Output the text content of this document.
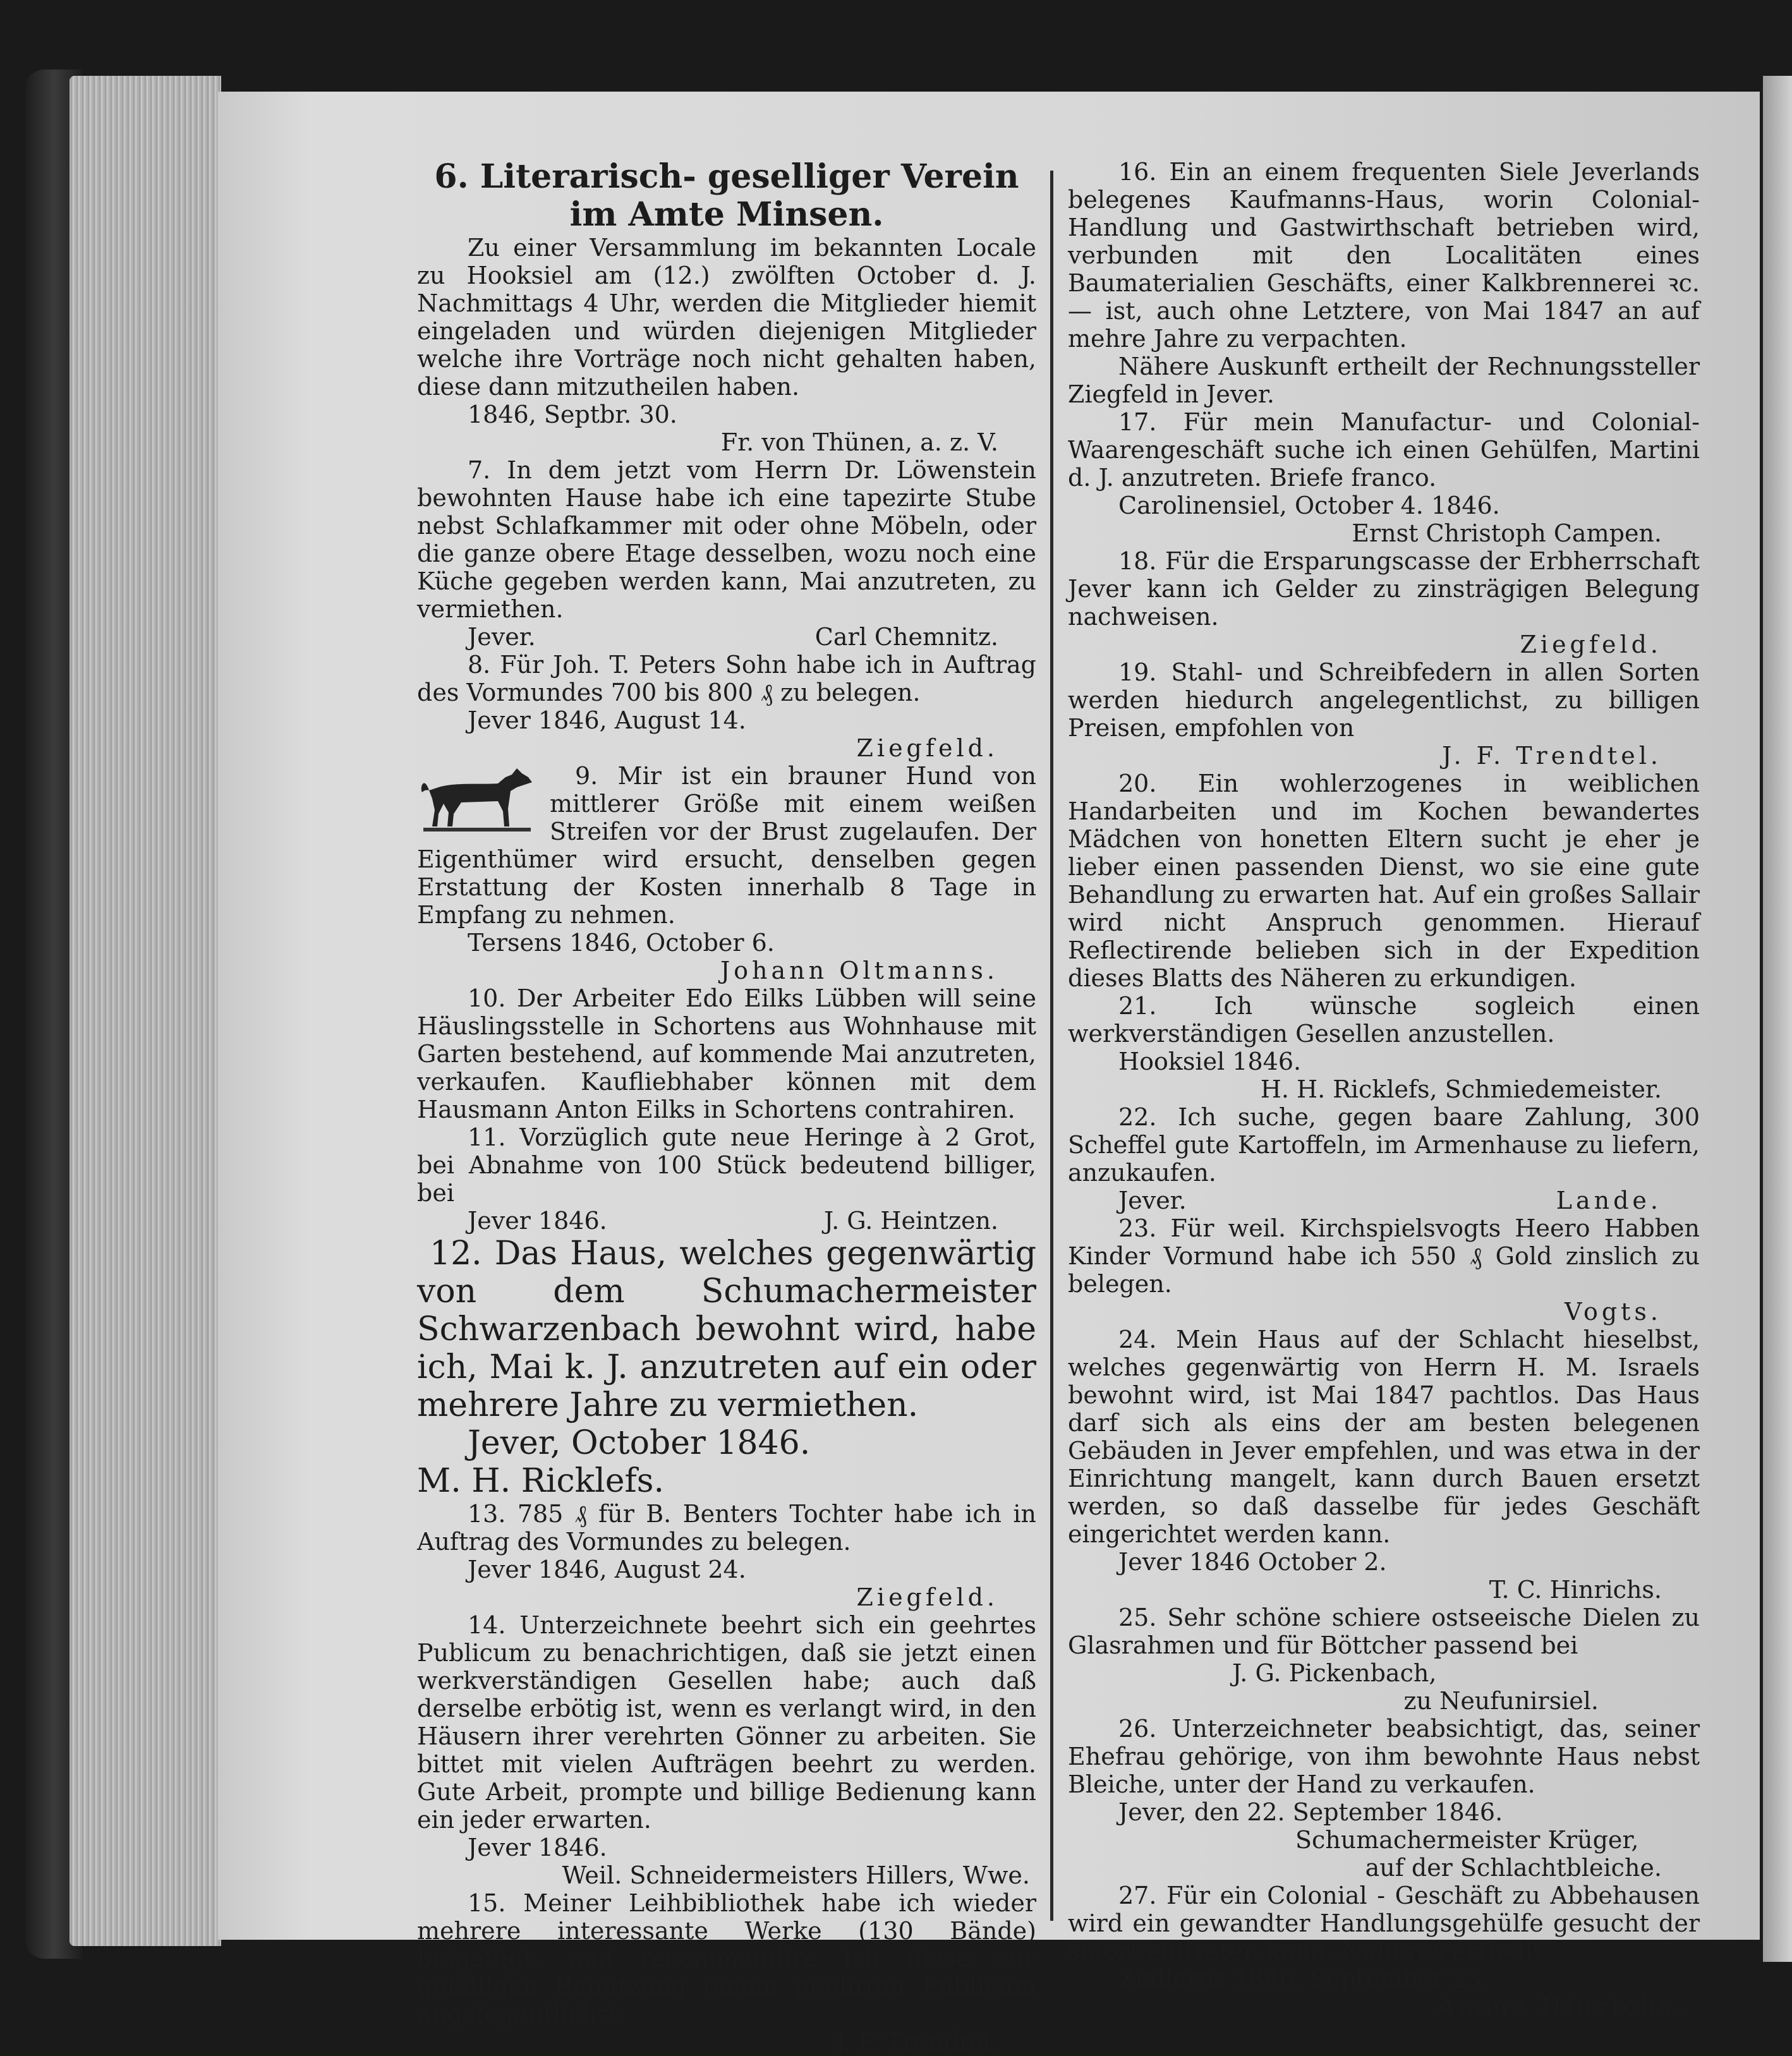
6. Literarisch- geselliger Verein

im Amte Minsen.

Zu einer Versammlung im bekannten Locale zu Hooksiel am (12.) zwölften October d. J. Nachmittags 4 Uhr, werden die Mitglieder hiemit eingeladen und würden diejenigen Mitglieder welche ihre Vorträge noch nicht gehalten haben, diese dann mitzutheilen haben.

1846, Septbr. 30.

Fr. von Thünen, a. z. V.

7. In dem jetzt vom Herrn Dr. Löwenstein bewohnten Hause habe ich eine tapezirte Stube nebst Schlafkammer mit oder ohne Möbeln, oder die ganze obere Etage desselben, wozu noch eine Küche gegeben werden kann, Mai anzutreten, zu vermiethen.

Jever.	Carl Chemnitz.

8. Für Joh. T. Peters Sohn habe ich in Auftrag des Vormundes 700 bis 800 ₰ zu belegen.

Jever 1846, August 14.

Ziegfeld.

9. Mir ist ein brauner Hund von mittlerer Größe mit einem weißen Streifen vor der Brust zugelaufen. Der Eigenthümer wird ersucht, denselben gegen Erstattung der Kosten innerhalb 8 Tage in Empfang zu nehmen.

Tersens 1846, October 6.

Johann Oltmanns.

10. Der Arbeiter Edo Eilks Lübben will seine Häuslingsstelle in Schortens aus Wohnhause mit Garten bestehend, auf kommende Mai anzutreten, verkaufen. Kaufliebhaber können mit dem Hausmann Anton Eilks in Schortens contrahiren.

11. Vorzüglich gute neue Heringe à 2 Grot, bei Abnahme von 100 Stück bedeutend billiger, bei

Jever 1846.	J. G. Heintzen.

12. Das Haus, welches gegenwärtig von dem Schumachermeister Schwarzenbach bewohnt wird, habe ich, Mai k. J. anzutreten auf ein oder mehrere Jahre zu vermiethen.

Jever, October 1846.

M. H. Ricklefs.

13. 785 ₰ für B. Benters Tochter habe ich in Auftrag des Vormundes zu belegen.

Jever 1846, August 24.

Ziegfeld.

14. Unterzeichnete beehrt sich ein geehrtes Publicum zu benachrichtigen, daß sie jetzt einen werkverständigen Gesellen habe; auch daß derselbe erbötig ist, wenn es verlangt wird, in den Häusern ihrer verehrten Gönner zu arbeiten. Sie bittet mit vielen Aufträgen beehrt zu werden. Gute Arbeit, prompte und billige Bedienung kann ein jeder erwarten.

Jever 1846.

Weil. Schneidermeisters Hillers, Wwe.

15. Meiner Leihbibliothek habe ich wieder mehrere interessante Werke (130 Bände) beigefügt, und recommandire ich diese zur gefälligen Benutzung einem geehrten Publicum angelegentlichst.

J. F. Trendtel.

16. Ein an einem frequenten Siele Jeverlands belegenes Kaufmanns-Haus, worin Colonial-Handlung und Gastwirthschaft betrieben wird, verbunden mit den Localitäten eines Baumaterialien Geschäfts, einer Kalkbrennerei ꝛc. — ist, auch ohne Letztere, von Mai 1847 an auf mehre Jahre zu verpachten.

Nähere Auskunft ertheilt der Rechnungssteller Ziegfeld in Jever.

17. Für mein Manufactur- und Colonial-Waarengeschäft suche ich einen Gehülfen, Martini d. J. anzutreten. Briefe franco.

Carolinensiel, October 4. 1846.

Ernst Christoph Campen.

18. Für die Ersparungscasse der Erbherrschaft Jever kann ich Gelder zu zinsträgigen Belegung nachweisen.

Ziegfeld.

19. Stahl- und Schreibfedern in allen Sorten werden hiedurch angelegentlichst, zu billigen Preisen, empfohlen von

J. F. Trendtel.

20. Ein wohlerzogenes in weiblichen Handarbeiten und im Kochen bewandertes Mädchen von honetten Eltern sucht je eher je lieber einen passenden Dienst, wo sie eine gute Behandlung zu erwarten hat. Auf ein großes Sallair wird nicht Anspruch genommen. Hierauf Reflectirende belieben sich in der Expedition dieses Blatts des Näheren zu erkundigen.

21. Ich wünsche sogleich einen werkverständigen Gesellen anzustellen.

Hooksiel 1846.

H. H. Ricklefs, Schmiedemeister.

22. Ich suche, gegen baare Zahlung, 300 Scheffel gute Kartoffeln, im Armenhause zu liefern, anzukaufen.

Jever.	Lande.

23. Für weil. Kirchspielsvogts Heero Habben Kinder Vormund habe ich 550 ₰ Gold zinslich zu belegen.

Vogts.

24. Mein Haus auf der Schlacht hieselbst, welches gegenwärtig von Herrn H. M. Israels bewohnt wird, ist Mai 1847 pachtlos. Das Haus darf sich als eins der am besten belegenen Gebäuden in Jever empfehlen, und was etwa in der Einrichtung mangelt, kann durch Bauen ersetzt werden, so daß dasselbe für jedes Geschäft eingerichtet werden kann.

Jever 1846 October 2.

T. C. Hinrichs.

25. Sehr schöne schiere ostseeische Dielen zu Glasrahmen und für Böttcher passend bei

J. G. Pickenbach,

zu Neufunirsiel.

26. Unterzeichneter beabsichtigt, das, seiner Ehefrau gehörige, von ihm bewohnte Haus nebst Bleiche, unter der Hand zu verkaufen.

Jever, den 22. September 1846.

Schumachermeister Krüger,

auf der Schlachtbleiche.

27. Für ein Colonial - Geschäft zu Abbehausen wird ein gewandter Handlungsgehülfe gesucht der sofort eintreten kann. Näheres ertheilt

Ziallerns 1846. September 23.

Amme Hinrichs.
